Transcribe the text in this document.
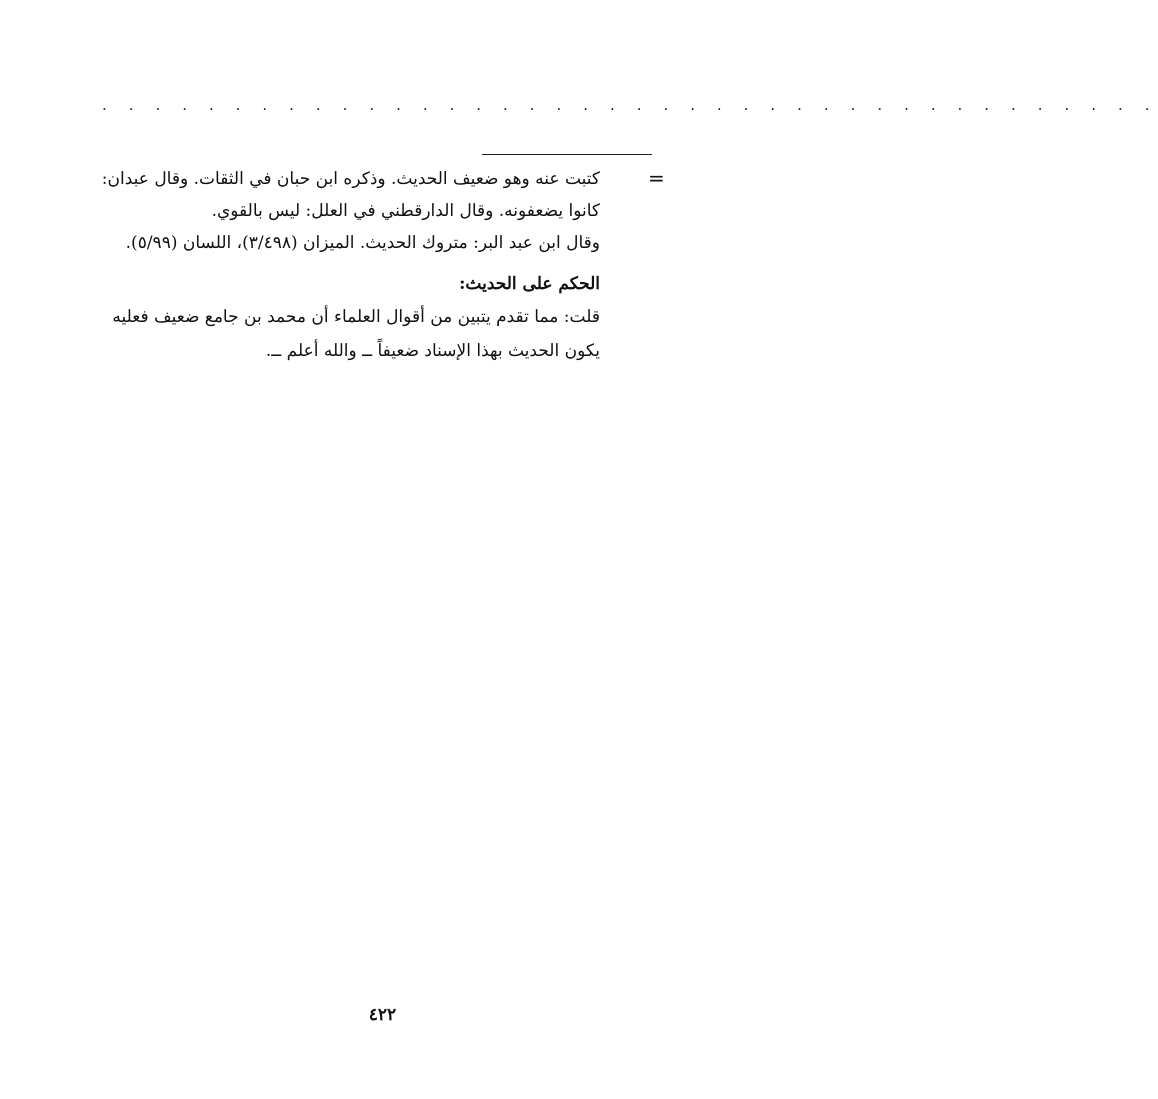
. . . . . . . . . . . . . . . . . . . . . . . . . . . . . . . . . . . . . . . .
=
كتبت عنه وهو ضعيف الحديث. وذكره ابن حبان في الثقات. وقال عبدان:
كانوا يضعفونه. وقال الدارقطني في العلل: ليس بالقوي.
وقال ابن عبد البر: متروك الحديث. الميزان (٣/٤٩٨)، اللسان (٥/٩٩).
الحكم على الحديث:
قلت: مما تقدم يتبين من أقوال العلماء أن محمد بن جامع ضعيف فعليه
يكون الحديث بهذا الإسناد ضعيفاً ــ والله أعلم ــ.
٤٢٢
